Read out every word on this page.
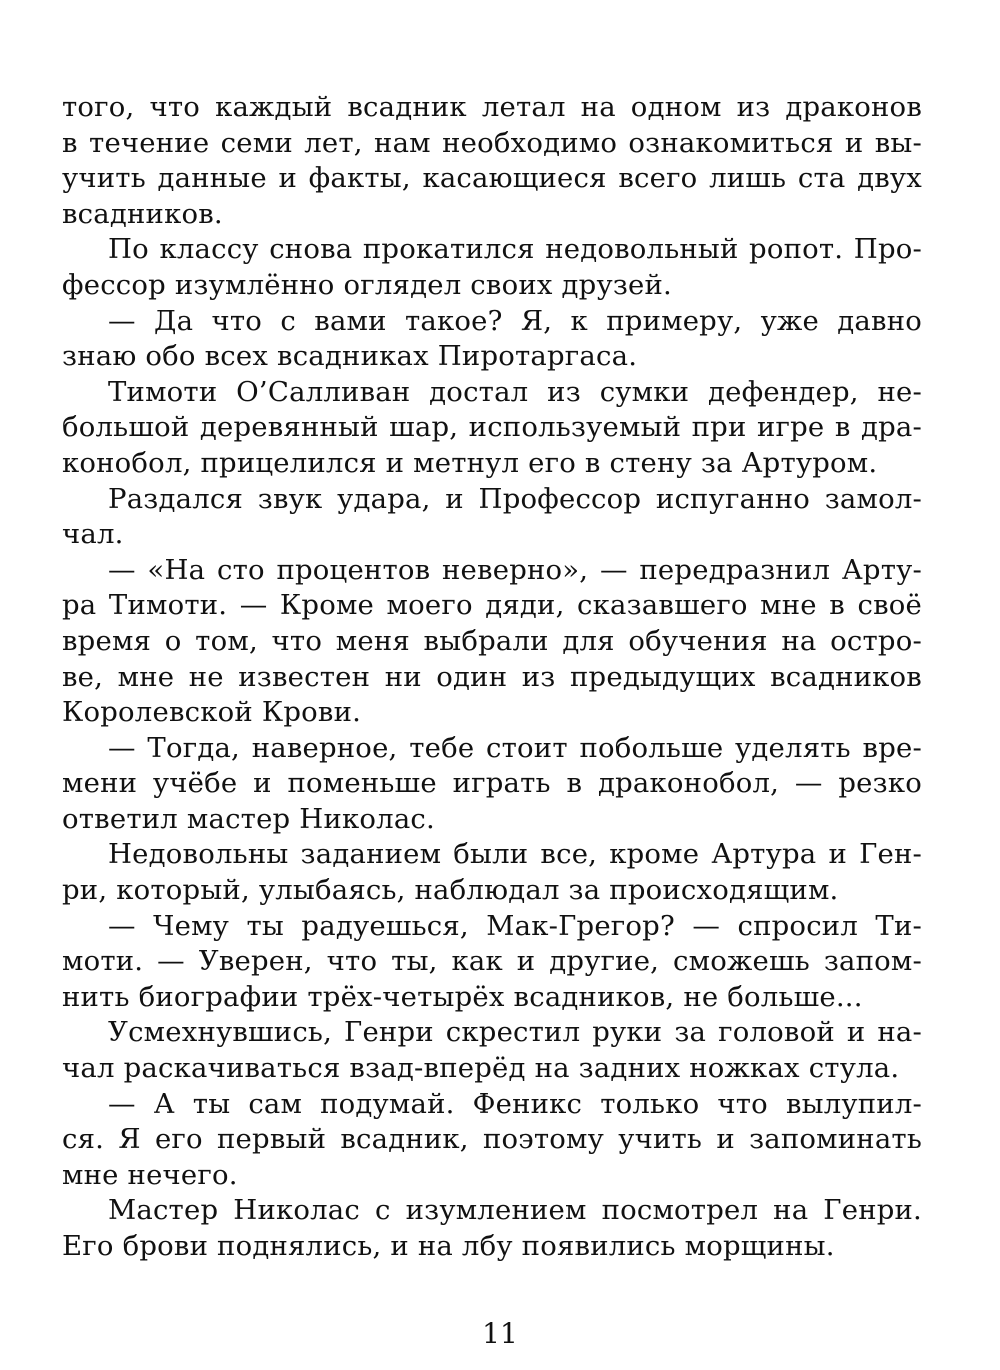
того, что каждый всадник летал на одном из драконов
в течение семи лет, нам необходимо ознакомиться и вы-
учить данные и факты, касающиеся всего лишь ста двух
всадников.
По классу снова прокатился недовольный ропот. Про-
фессор изумлённо оглядел своих друзей.
— Да что с вами такое? Я, к примеру, уже давно
знаю обо всех всадниках Пиротаргаса.
Тимоти О’Салливан достал из сумки дефендер, не-
большой деревянный шар, используемый при игре в дра-
конобол, прицелился и метнул его в стену за Артуром.
Раздался звук удара, и Профессор испуганно замол-
чал.
— «На сто процентов неверно», — передразнил Арту-
ра Тимоти. — Кроме моего дяди, сказавшего мне в своё
время о том, что меня выбрали для обучения на остро-
ве, мне не известен ни один из предыдущих всадников
Королевской Крови.
— Тогда, наверное, тебе стоит побольше уделять вре-
мени учёбе и поменьше играть в драконобол, — резко
ответил мастер Николас.
Недовольны заданием были все, кроме Артура и Ген-
ри, который, улыбаясь, наблюдал за происходящим.
— Чему ты радуешься, Мак-Грегор? — спросил Ти-
моти. — Уверен, что ты, как и другие, сможешь запом-
нить биографии трёх-четырёх всадников, не больше...
Усмехнувшись, Генри скрестил руки за головой и на-
чал раскачиваться взад-вперёд на задних ножках стула.
— А ты сам подумай. Феникс только что вылупил-
ся. Я его первый всадник, поэтому учить и запоминать
мне нечего.
Мастер Николас с изумлением посмотрел на Генри.
Его брови поднялись, и на лбу появились морщины.
11
